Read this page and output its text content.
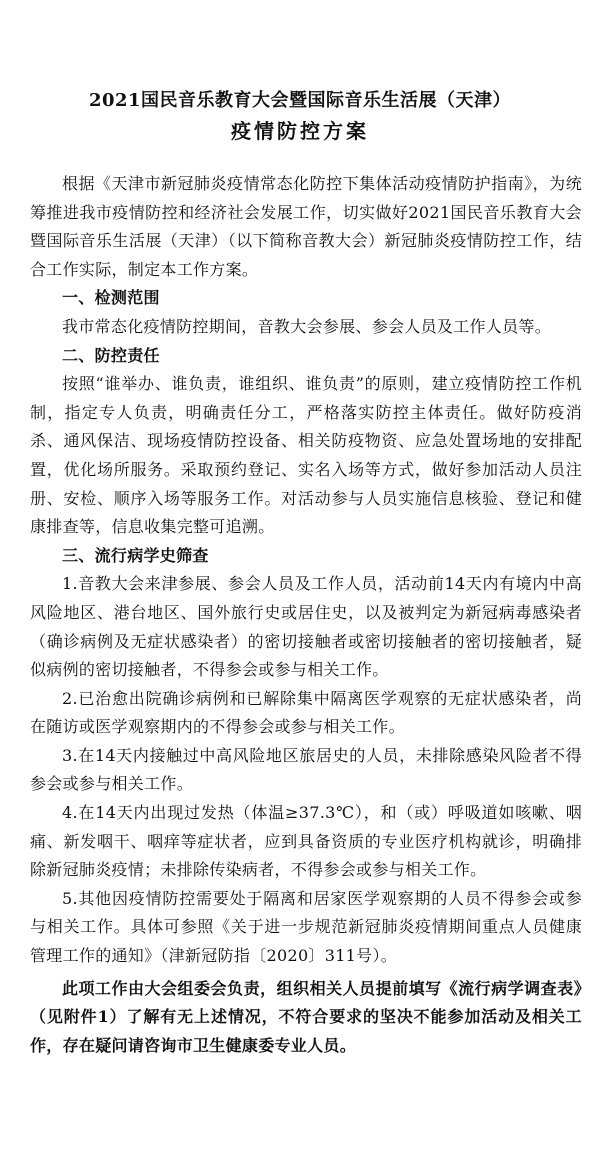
2021国民音乐教育大会暨国际音乐生活展（天津）
疫情防控方案

根据《天津市新冠肺炎疫情常态化防控下集体活动疫情防护指南》，为统筹推进我市疫情防控和经济社会发展工作，切实做好2021国民音乐教育大会暨国际音乐生活展（天津）（以下简称音教大会）新冠肺炎疫情防控工作，结合工作实际，制定本工作方案。

一、检测范围

我市常态化疫情防控期间，音教大会参展、参会人员及工作人员等。

二、防控责任

按照“谁举办、谁负责，谁组织、谁负责”的原则，建立疫情防控工作机制，指定专人负责，明确责任分工，严格落实防控主体责任。做好防疫消杀、通风保洁、现场疫情防控设备、相关防疫物资、应急处置场地的安排配置，优化场所服务。采取预约登记、实名入场等方式，做好参加活动人员注册、安检、顺序入场等服务工作。对活动参与人员实施信息核验、登记和健康排查等，信息收集完整可追溯。

三、流行病学史筛查

1.音教大会来津参展、参会人员及工作人员，活动前14天内有境内中高风险地区、港台地区、国外旅行史或居住史，以及被判定为新冠病毒感染者（确诊病例及无症状感染者）的密切接触者或密切接触者的密切接触者，疑似病例的密切接触者，不得参会或参与相关工作。

2.已治愈出院确诊病例和已解除集中隔离医学观察的无症状感染者，尚在随访或医学观察期内的不得参会或参与相关工作。

3.在14天内接触过中高风险地区旅居史的人员，未排除感染风险者不得参会或参与相关工作。

4.在14天内出现过发热（体温≥37.3℃），和（或）呼吸道如咳嗽、咽痛、新发咽干、咽痒等症状者，应到具备资质的专业医疗机构就诊，明确排除新冠肺炎疫情；未排除传染病者，不得参会或参与相关工作。

5.其他因疫情防控需要处于隔离和居家医学观察期的人员不得参会或参与相关工作。具体可参照《关于进一步规范新冠肺炎疫情期间重点人员健康管理工作的通知》（津新冠防指〔2020〕311号）。

此项工作由大会组委会负责，组织相关人员提前填写《流行病学调查表》（见附件1）了解有无上述情况，不符合要求的坚决不能参加活动及相关工作，存在疑问请咨询市卫生健康委专业人员。
